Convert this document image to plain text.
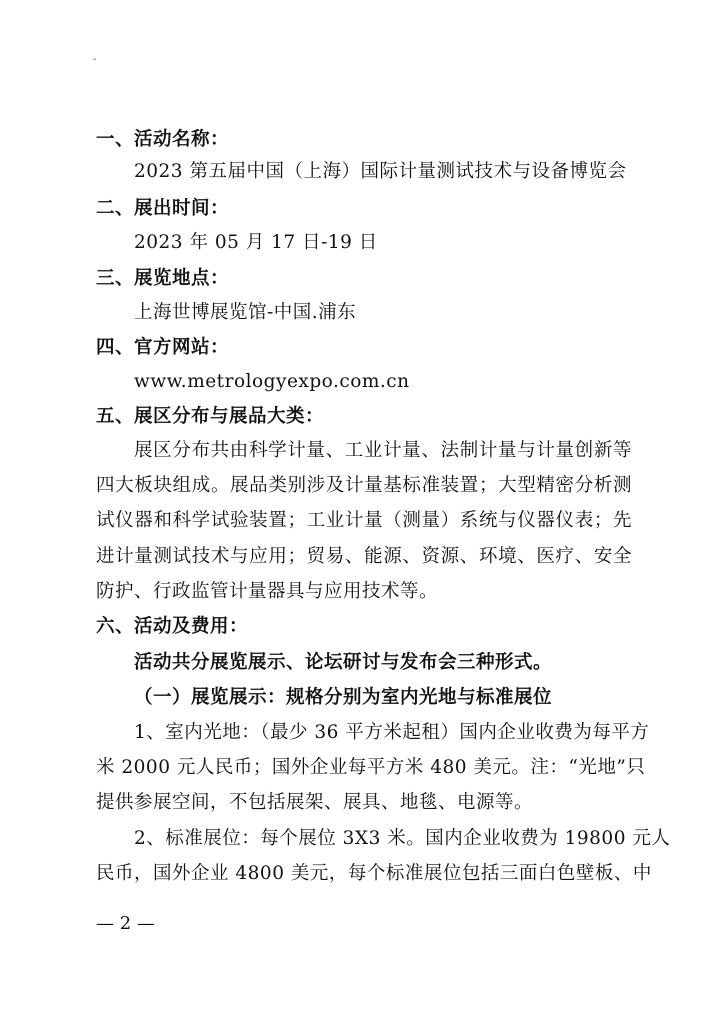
-
一、活动名称：
2023 第五届中国（上海）国际计量测试技术与设备博览会
二、展出时间：
2023 年 05 月 17 日-19 日
三、展览地点：
上海世博展览馆-中国.浦东
四、官方网站：
www.metrologyexpo.com.cn
五、展区分布与展品大类：
展区分布共由科学计量、工业计量、法制计量与计量创新等
四大板块组成。展品类别涉及计量基标准装置；大型精密分析测
试仪器和科学试验装置；工业计量（测量）系统与仪器仪表；先
进计量测试技术与应用；贸易、能源、资源、环境、医疗、安全
防护、行政监管计量器具与应用技术等。
六、活动及费用：
活动共分展览展示、论坛研讨与发布会三种形式。
（一）展览展示：规格分别为室内光地与标准展位
1、室内光地：（最少 36 平方米起租）国内企业收费为每平方
米 2000 元人民币；国外企业每平方米 480 美元。注：“光地”只
提供参展空间，不包括展架、展具、地毯、电源等。
2、标准展位：每个展位 3X3 米。国内企业收费为 19800 元人
民币，国外企业 4800 美元，每个标准展位包括三面白色壁板、中
— 2 —
